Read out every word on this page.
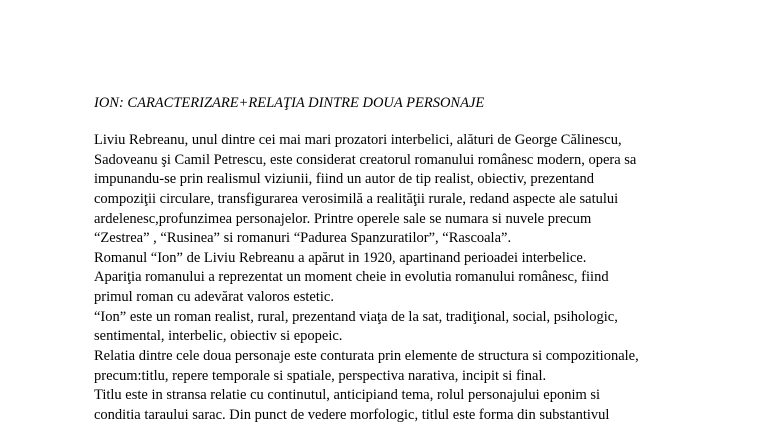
ION: CARACTERIZARE+RELAŢIA DINTRE DOUA PERSONAJE
Liviu Rebreanu, unul dintre cei mai mari prozatori interbelici, alături de George Călinescu,
Sadoveanu şi Camil Petrescu, este considerat creatorul romanului românesc modern, opera sa
impunandu-se prin realismul viziunii, fiind un autor de tip realist, obiectiv, prezentand
compoziţii circulare, transfigurarea verosimilă a realităţii rurale, redand aspecte ale satului
ardelenesc,profunzimea personajelor. Printre operele sale se numara si nuvele precum
“Zestrea” , “Rusinea” si romanuri “Padurea Spanzuratilor”, “Rascoala”.
Romanul “Ion” de Liviu Rebreanu a apărut in 1920, apartinand perioadei interbelice.
Apariţia romanului a reprezentat un moment cheie in evolutia romanului românesc, fiind
primul roman cu adevărat valoros estetic.
“Ion” este un roman realist, rural, prezentand viaţa de la sat, tradiţional, social, psihologic,
sentimental, interbelic, obiectiv si epopeic.
Relatia dintre cele doua personaje este conturata prin elemente de structura si compozitionale,
precum:titlu, repere temporale si spatiale, perspectiva narativa, incipit si final.
Titlu este in stransa relatie cu continutul, anticipiand tema, rolul personajului eponim si
conditia taraului sarac. Din punct de vedere morfologic, titlul este forma din substantivul
